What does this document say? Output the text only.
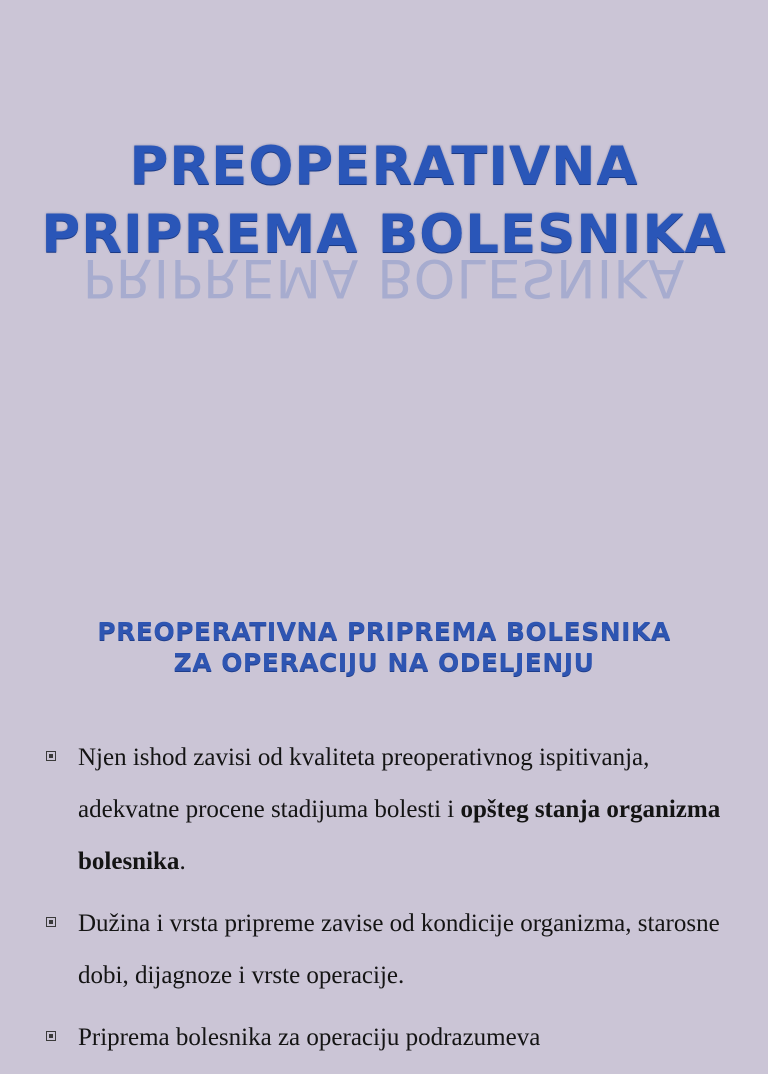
PREOPERATIVNA
PRIPREMA BOLESNIKA
PRIPREMA BOLESNIKA
PREOPERATIVNA PRIPREMA BOLESNIKA
ZA OPERACIJU NA ODELJENJU
Njen ishod zavisi od kvaliteta preoperativnog ispitivanja, adekvatne procene stadijuma bolesti i opšteg stanja organizma bolesnika.
Dužina i vrsta pripreme zavise od kondicije organizma, starosne dobi, dijagnoze i vrste operacije.
Priprema bolesnika za operaciju podrazumeva
